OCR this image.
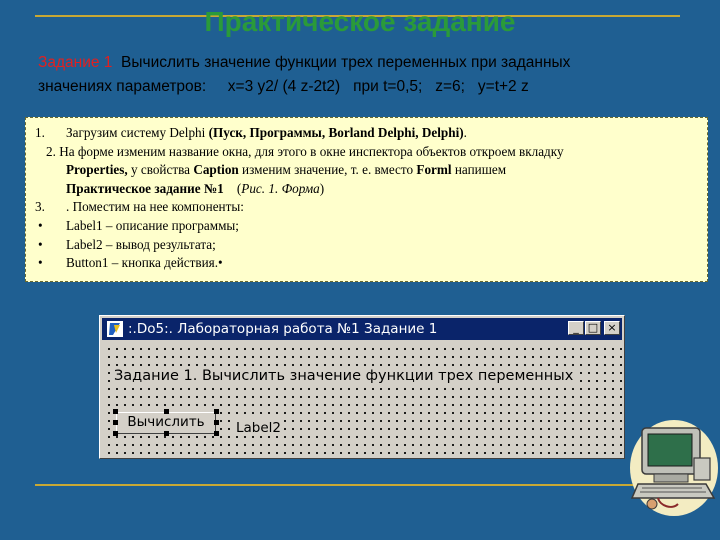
Практическое задание
Задание 1 Вычислить значение функции трех переменных при заданных
значениях параметров: x=3 y2/ (4 z-2t2) при t=0,5; z=6; y=t+2 z
1.	Загрузим систему Delphi (Пуск, Программы, Borland Delphi, Delphi).
2. На форме изменим название окна, для этого в окне инспектора объектов откроем вкладку
Properties, у свойства Caption изменим значение, т. е. вместо Forml напишем
Практическое задание №1    (Рис. 1. Форма)
3.	. Поместим на нее компоненты:
•	Label1 – описание программы;
•	Label2 – вывод результата;
•	Button1 – кнопка действия.•
:.Do5:. Лабораторная работа №1 Задание 1	_ □ ×
Задание 1. Вычислить значение функции трех переменных
Вычислить	Label2
